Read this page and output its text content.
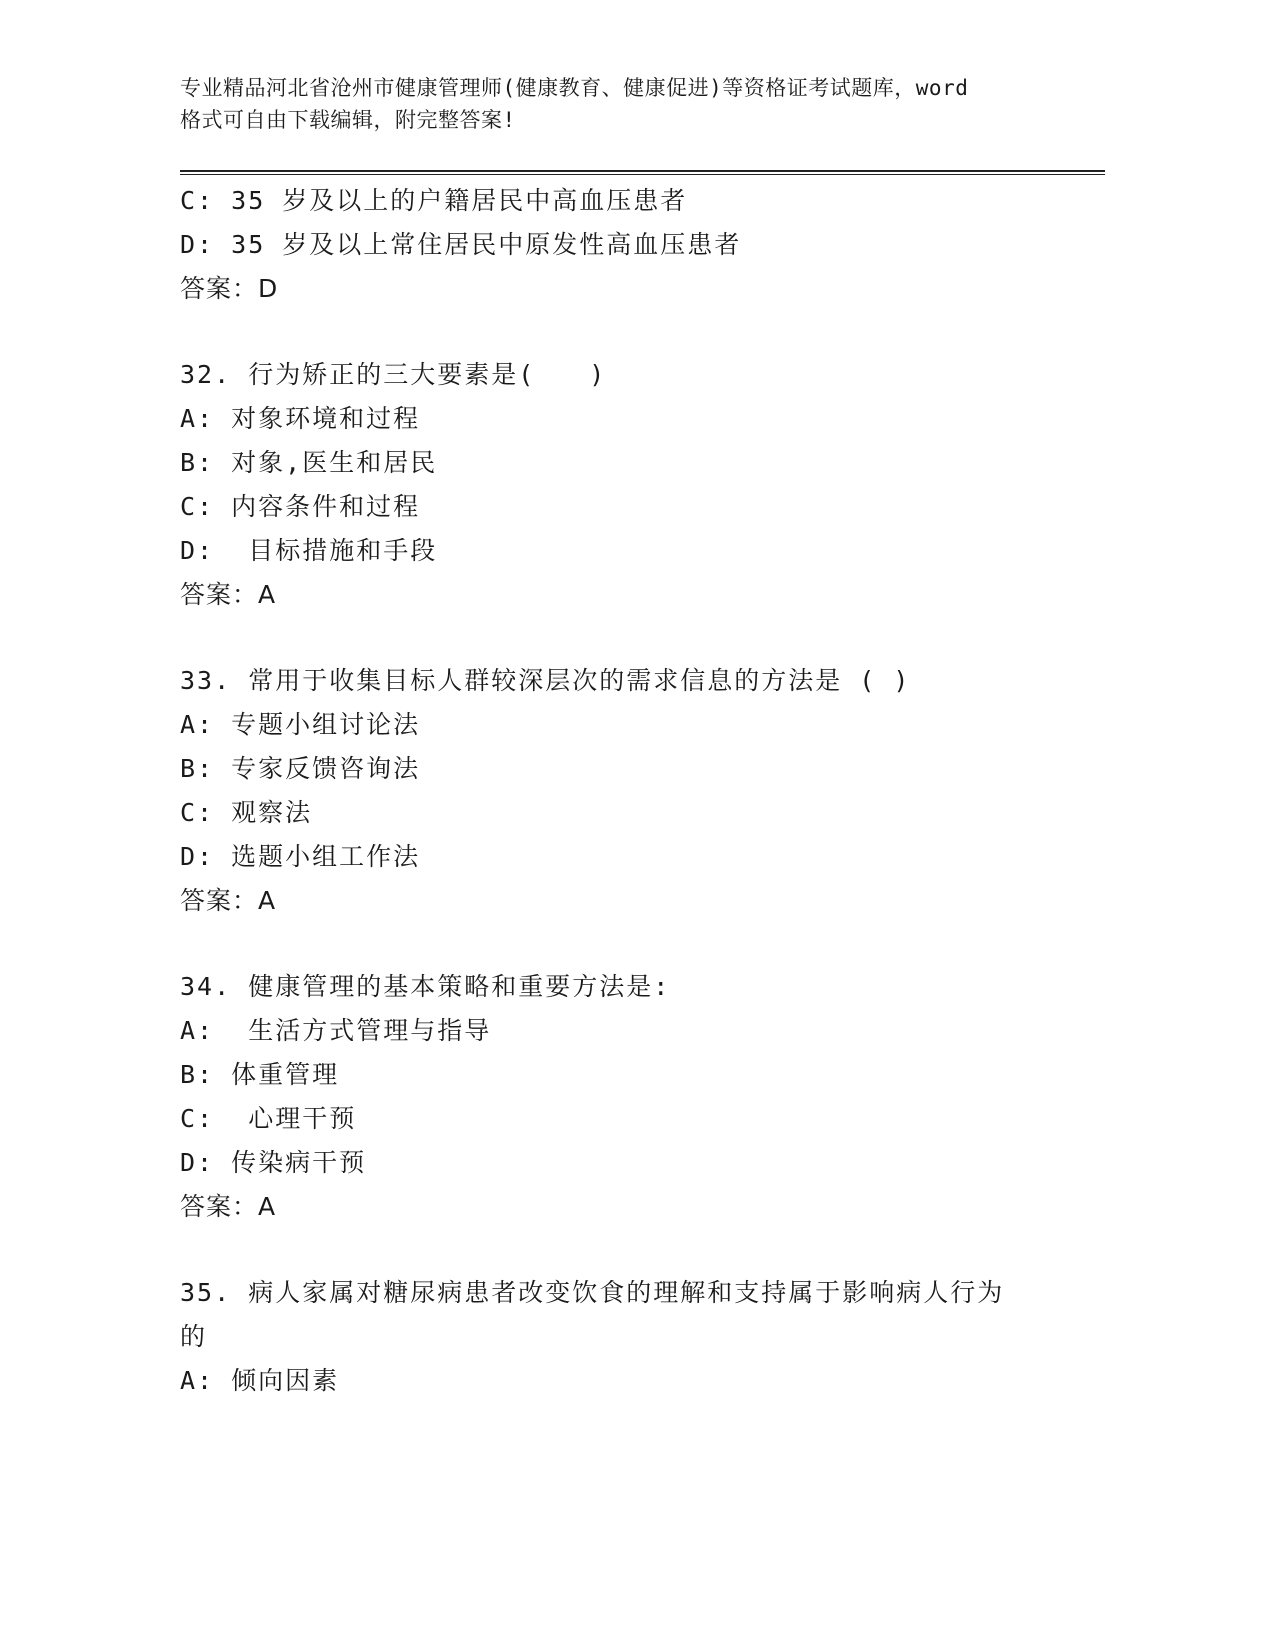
专业精品河北省沧州市健康管理师(健康教育、健康促进)等资格证考试题库，word
格式可自由下载编辑，附完整答案!
C: 35 岁及以上的户籍居民中高血压患者
D: 35 岁及以上常住居民中原发性高血压患者
答案：D
32. 行为矫正的三大要素是(　　)
A: 对象环境和过程
B: 对象,医生和居民
C: 内容条件和过程
D:  目标措施和手段
答案：A
33. 常用于收集目标人群较深层次的需求信息的方法是 ( )
A: 专题小组讨论法
B: 专家反馈咨询法
C: 观察法
D: 选题小组工作法
答案：A
34. 健康管理的基本策略和重要方法是:
A:  生活方式管理与指导
B: 体重管理
C:  心理干预
D: 传染病干预
答案：A
35. 病人家属对糖尿病患者改变饮食的理解和支持属于影响病人行为
的
A: 倾向因素
